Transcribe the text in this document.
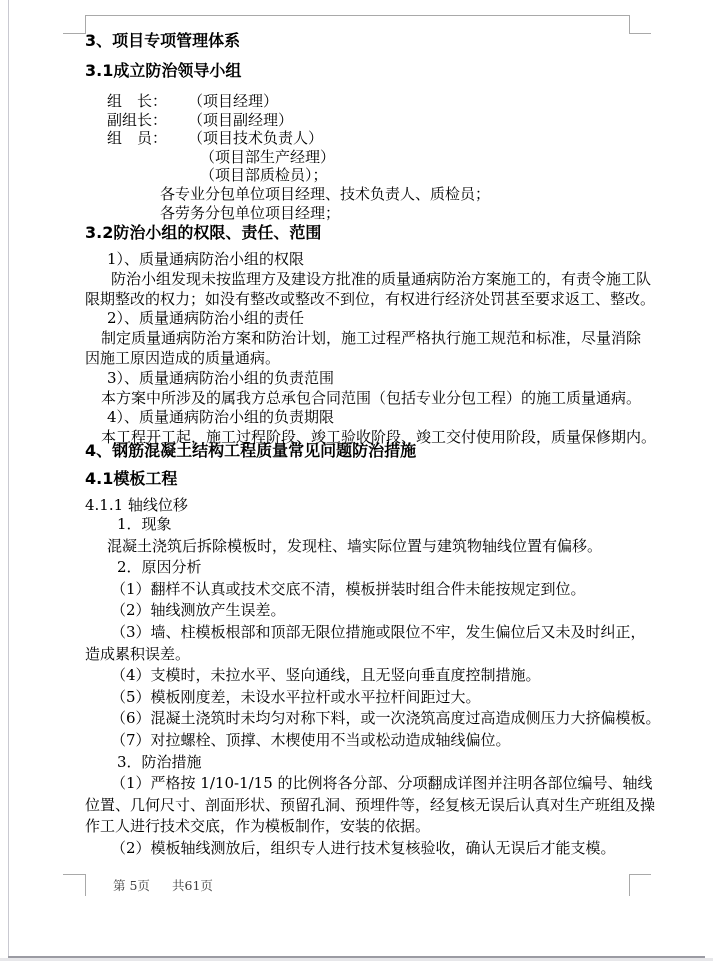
3、项目专项管理体系
3.1成立防治领导小组
组　长： （项目经理）
副组长： （项目副经理）
组　员： （项目技术负责人）
（项目部生产经理）
（项目部质检员）；
各专业分包单位项目经理、技术负责人、质检员；
各劳务分包单位项目经理；
3.2防治小组的权限、责任、范围
1）、质量通病防治小组的权限
防治小组发现未按监理方及建设方批准的质量通病防治方案施工的，有责令施工队
限期整改的权力；如没有整改或整改不到位，有权进行经济处罚甚至要求返工、整改。
2）、质量通病防治小组的责任
制定质量通病防治方案和防治计划，施工过程严格执行施工规范和标准，尽量消除
因施工原因造成的质量通病。
3）、质量通病防治小组的负责范围
本方案中所涉及的属我方总承包合同范围（包括专业分包工程）的施工质量通病。
4）、质量通病防治小组的负责期限
本工程开工起，施工过程阶段、竣工验收阶段、竣工交付使用阶段，质量保修期内。
4、钢筋混凝土结构工程质量常见问题防治措施
4.1模板工程
4.1.1 轴线位移
1．现象
混凝土浇筑后拆除模板时，发现柱、墙实际位置与建筑物轴线位置有偏移。
2．原因分析
（1）翻样不认真或技术交底不清，模板拼装时组合件未能按规定到位。
（2）轴线测放产生误差。
（3）墙、柱模板根部和顶部无限位措施或限位不牢，发生偏位后又未及时纠正，
造成累积误差。
（4）支模时，未拉水平、竖向通线，且无竖向垂直度控制措施。
（5）模板刚度差，未设水平拉杆或水平拉杆间距过大。
（6）混凝土浇筑时未均匀对称下料，或一次浇筑高度过高造成侧压力大挤偏模板。
（7）对拉螺栓、顶撑、木楔使用不当或松动造成轴线偏位。
3．防治措施
（1）严格按 1/10-1/15 的比例将各分部、分项翻成详图并注明各部位编号、轴线
位置、几何尺寸、剖面形状、预留孔洞、预埋件等，经复核无误后认真对生产班组及操
作工人进行技术交底，作为模板制作，安装的依据。
（2）模板轴线测放后，组织专人进行技术复核验收，确认无误后才能支模。
第 5页 共61页
